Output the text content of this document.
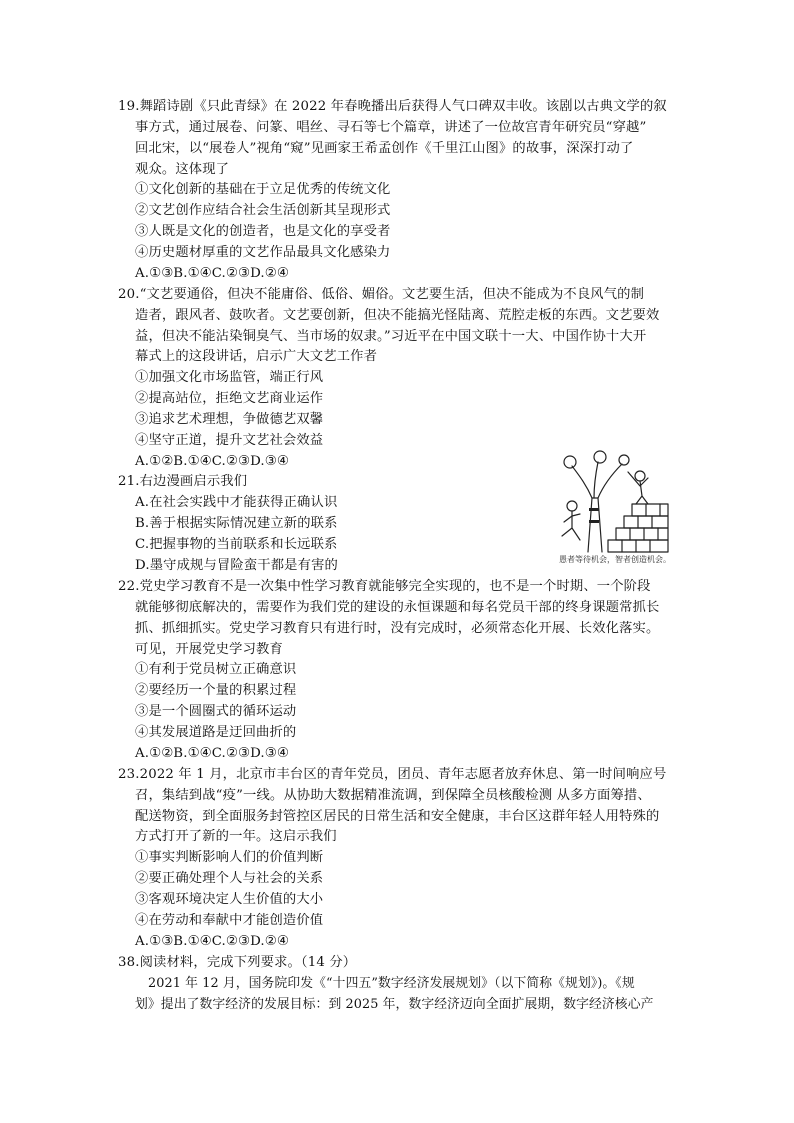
19.舞蹈诗剧《只此青绿》在 2022 年春晚播出后获得人气口碑双丰收。该剧以古典文学的叙
事方式，通过展卷、问篆、唱丝、寻石等七个篇章，讲述了一位故宫青年研究员“穿越”
回北宋，以“展卷人”视角“窥”见画家王希孟创作《千里江山图》的故事，深深打动了
观众。这体现了
①文化创新的基础在于立足优秀的传统文化
②文艺创作应结合社会生活创新其呈现形式
③人既是文化的创造者，也是文化的享受者
④历史题材厚重的文艺作品最具文化感染力
A.①③B.①④C.②③D.②④
20.“文艺要通俗，但决不能庸俗、低俗、媚俗。文艺要生活，但决不能成为不良风气的制
造者，跟风者、鼓吹者。文艺要创新，但决不能搞光怪陆离、荒腔走板的东西。文艺要效
益，但决不能沾染铜臭气、当市场的奴隶。”习近平在中国文联十一大、中国作协十大开
幕式上的这段讲话，启示广大文艺工作者
①加强文化市场监管，端正行风
②提高站位，拒绝文艺商业运作
③追求艺术理想，争做德艺双馨
④坚守正道，提升文艺社会效益
A.①②B.①④C.②③D.③④
21.右边漫画启示我们
A.在社会实践中才能获得正确认识
B.善于根据实际情况建立新的联系
C.把握事物的当前联系和长远联系
D.墨守成规与冒险蛮干都是有害的	愚者等待机会，智者创造机会。
22.党史学习教育不是一次集中性学习教育就能够完全实现的，也不是一个时期、一个阶段
就能够彻底解决的，需要作为我们党的建设的永恒课题和每名党员干部的终身课题常抓长
抓、抓细抓实。党史学习教育只有进行时，没有完成时，必须常态化开展、长效化落实。
可见，开展党史学习教育
①有利于党员树立正确意识
②要经历一个量的积累过程
③是一个圆圈式的循环运动
④其发展道路是迂回曲折的
A.①②B.①④C.②③D.③④
23.2022 年 1 月，北京市丰台区的青年党员，团员、青年志愿者放弃休息、第一时间响应号
召，集结到战“疫”一线。从协助大数据精准流调，到保障全员核酸检测 从多方面筹措、
配送物资，到全面服务封管控区居民的日常生活和安全健康，丰台区这群年轻人用特殊的
方式打开了新的一年。这启示我们
①事实判断影响人们的价值判断
②要正确处理个人与社会的关系
③客观环境决定人生价值的大小
④在劳动和奉献中才能创造价值
A.①③B.①④C.②③D.②④
38.阅读材料，完成下列要求。（14 分）
2021 年 12 月，国务院印发《“十四五”数字经济发展规划》（以下简称《规划》)。《规
划》提出了数字经济的发展目标：到 2025 年，数字经济迈向全面扩展期，数字经济核心产
